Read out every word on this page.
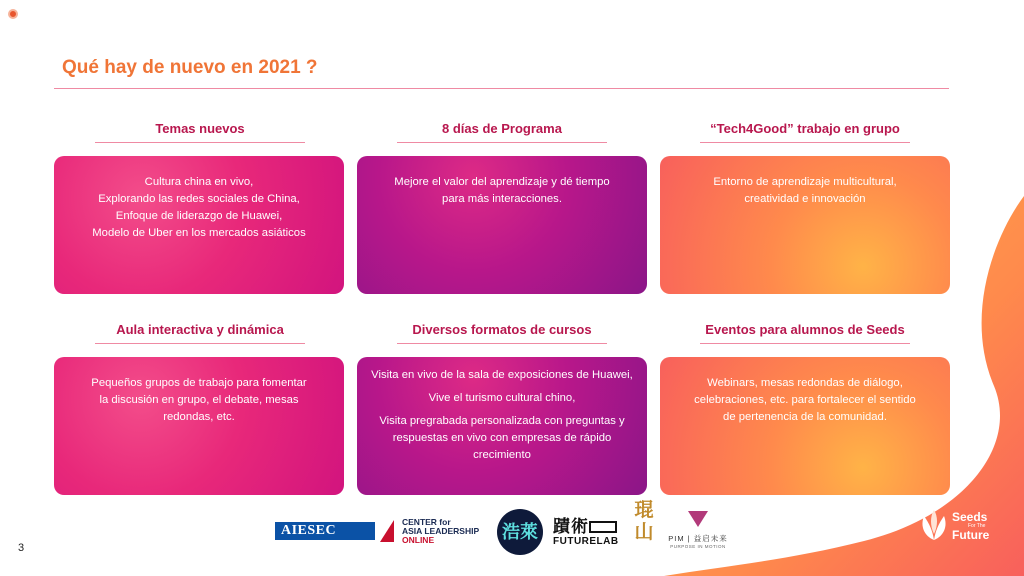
Qué hay de nuevo en 2021 ?
Temas nuevos	8 días de Programa	“Tech4Good” trabajo en grupo
Cultura china en vivo,
Explorando las redes sociales de China,
Enfoque de liderazgo de Huawei,
Modelo de Uber en los mercados asiáticos
Mejore el valor del aprendizaje y dé tiempo
para más interacciones.
Entorno de aprendizaje multicultural,
creatividad e innovación
Aula interactiva y dinámica	Diversos formatos de cursos	Eventos para alumnos de Seeds
Pequeños grupos de trabajo para fomentar
la discusión en grupo, el debate, mesas
redondas, etc.

Visita en vivo de la sala de exposiciones de Huawei,

Vive el turismo cultural chino,

Visita pregrabada personalizada con preguntas y respuestas en vivo con empresas de rápido crecimiento

Webinars, mesas redondas de diálogo,
celebraciones, etc. para fortalecer el sentido
de pertenencia de la comunidad.
3
AIESEC
CENTER for
ASIA LEADERSHIP
ONLINE	浩萊 蹟術
FUTURELAB
琨山	PIM | 益启未来
PURPOSE IN MOTION
Seeds
For The
Future
